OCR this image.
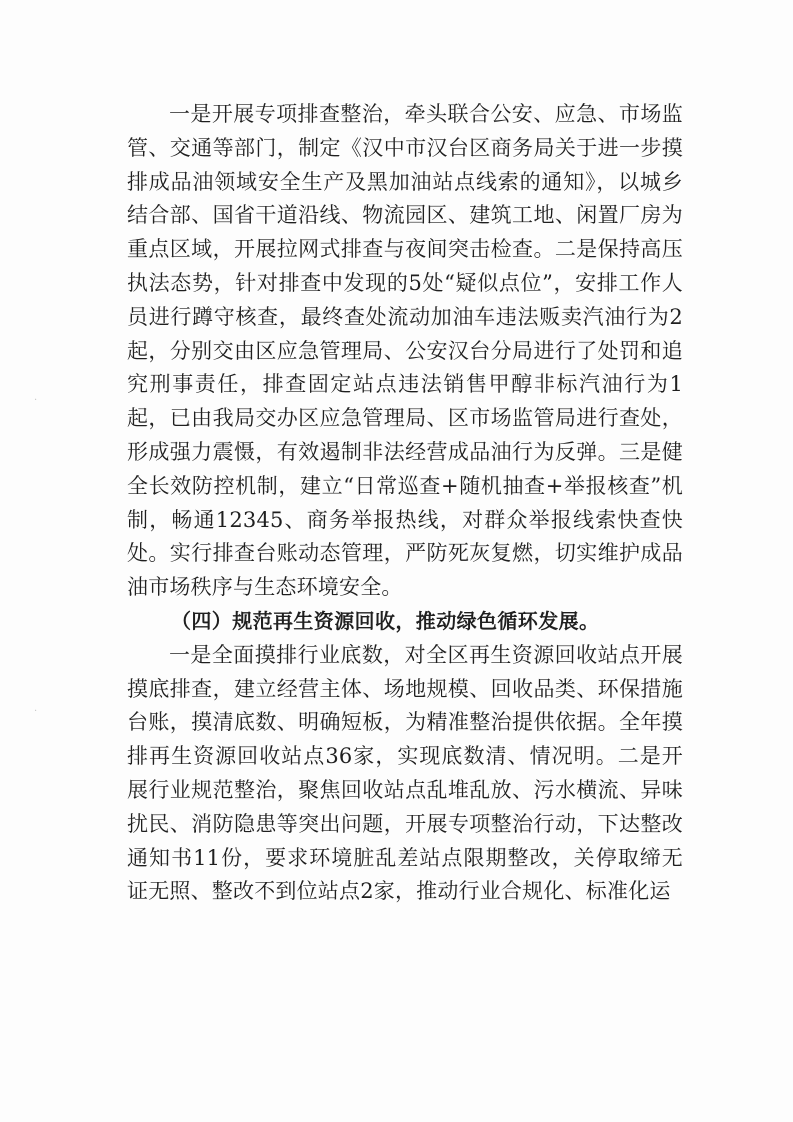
·
·

一是开展专项排查整治，牵头联合公安、应急、市场监管、交通等部门，制定《汉中市汉台区商务局关于进一步摸排成品油领域安全生产及黑加油站点线索的通知》，以城乡结合部、国省干道沿线、物流园区、建筑工地、闲置厂房为重点区域，开展拉网式排查与夜间突击检查。二是保持高压执法态势，针对排查中发现的5处“疑似点位”，安排工作人员进行蹲守核查，最终查处流动加油车违法贩卖汽油行为2起，分别交由区应急管理局、公安汉台分局进行了处罚和追究刑事责任，排查固定站点违法销售甲醇非标汽油行为1起，已由我局交办区应急管理局、区市场监管局进行查处，形成强力震慑，有效遏制非法经营成品油行为反弹。三是健全长效防控机制，建立“日常巡查+随机抽查+举报核查”机制，畅通12345、商务举报热线，对群众举报线索快查快处。实行排查台账动态管理，严防死灰复燃，切实维护成品油市场秩序与生态环境安全。

（四）规范再生资源回收，推动绿色循环发展。

一是全面摸排行业底数，对全区再生资源回收站点开展摸底排查，建立经营主体、场地规模、回收品类、环保措施台账，摸清底数、明确短板，为精准整治提供依据。全年摸排再生资源回收站点36家，实现底数清、情况明。二是开展行业规范整治，聚焦回收站点乱堆乱放、污水横流、异味扰民、消防隐患等突出问题，开展专项整治行动，下达整改通知书11份，要求环境脏乱差站点限期整改，关停取缔无证无照、整改不到位站点2家，推动行业合规化、标准化运
